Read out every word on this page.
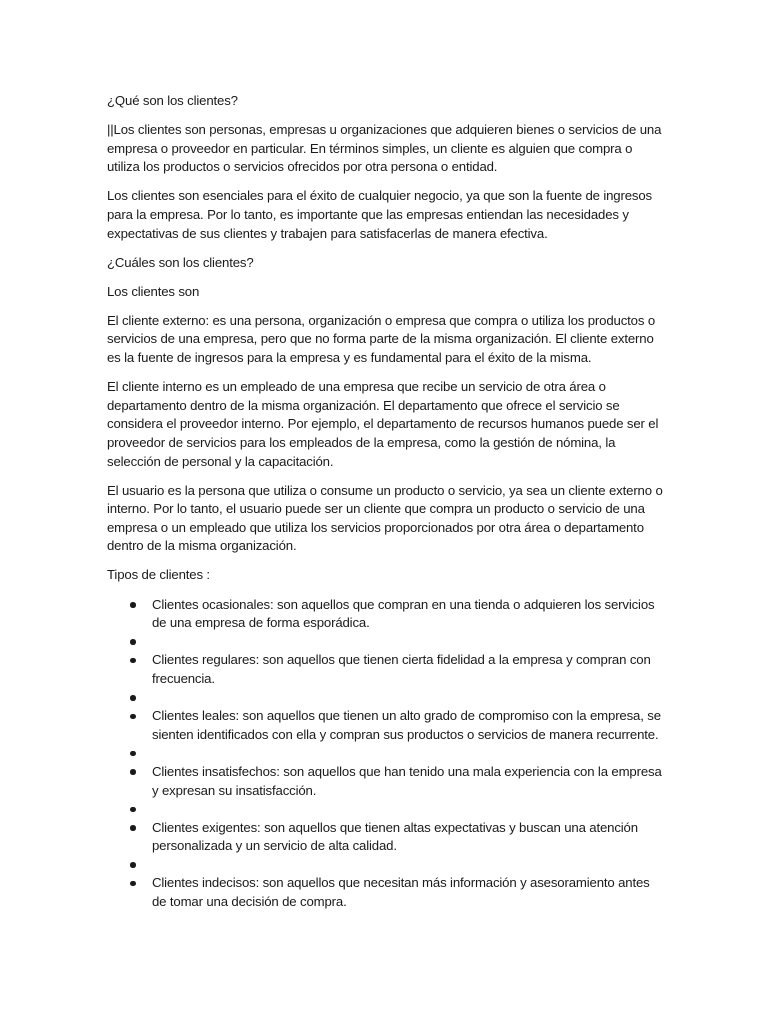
¿Qué son los clientes?

||Los clientes son personas, empresas u organizaciones que adquieren bienes o servicios de una empresa o proveedor en particular. En términos simples, un cliente es alguien que compra o utiliza los productos o servicios ofrecidos por otra persona o entidad.

Los clientes son esenciales para el éxito de cualquier negocio, ya que son la fuente de ingresos para la empresa. Por lo tanto, es importante que las empresas entiendan las necesidades y expectativas de sus clientes y trabajen para satisfacerlas de manera efectiva.

¿Cuáles son los clientes?

Los clientes son

El cliente externo: es una persona, organización o empresa que compra o utiliza los productos o servicios de una empresa, pero que no forma parte de la misma organización. El cliente externo es la fuente de ingresos para la empresa y es fundamental para el éxito de la misma.

El cliente interno es un empleado de una empresa que recibe un servicio de otra área o departamento dentro de la misma organización. El departamento que ofrece el servicio se considera el proveedor interno. Por ejemplo, el departamento de recursos humanos puede ser el proveedor de servicios para los empleados de la empresa, como la gestión de nómina, la selección de personal y la capacitación.

El usuario es la persona que utiliza o consume un producto o servicio, ya sea un cliente externo o interno. Por lo tanto, el usuario puede ser un cliente que compra un producto o servicio de una empresa o un empleado que utiliza los servicios proporcionados por otra área o departamento dentro de la misma organización.

Tipos de clientes :

Clientes ocasionales: son aquellos que compran en una tienda o adquieren los servicios de una empresa de forma esporádica.
Clientes regulares: son aquellos que tienen cierta fidelidad a la empresa y compran con frecuencia.
Clientes leales: son aquellos que tienen un alto grado de compromiso con la empresa, se sienten identificados con ella y compran sus productos o servicios de manera recurrente.
Clientes insatisfechos: son aquellos que han tenido una mala experiencia con la empresa y expresan su insatisfacción.
Clientes exigentes: son aquellos que tienen altas expectativas y buscan una atención personalizada y un servicio de alta calidad.
Clientes indecisos: son aquellos que necesitan más información y asesoramiento antes de tomar una decisión de compra.
